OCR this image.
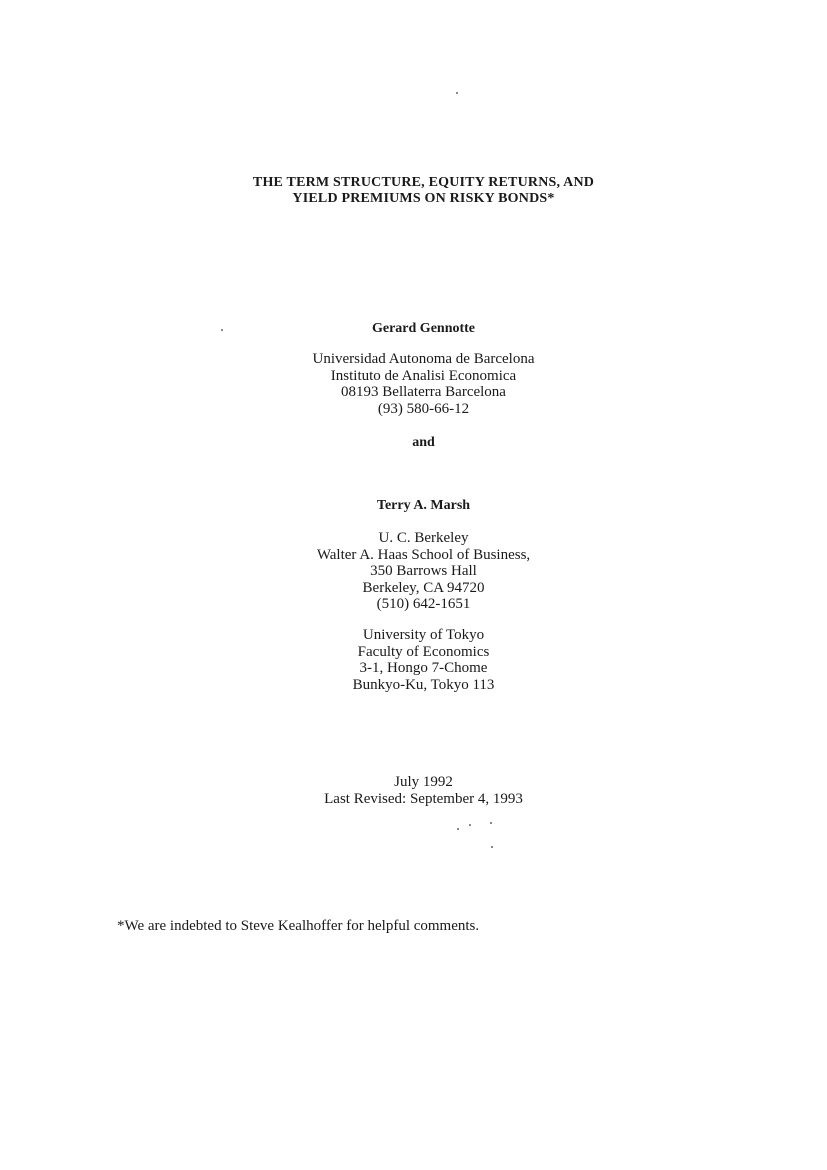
THE TERM STRUCTURE, EQUITY RETURNS, AND
YIELD PREMIUMS ON RISKY BONDS*
Gerard Gennotte
Universidad Autonoma de Barcelona
Instituto de Analisi Economica
08193 Bellaterra Barcelona
(93) 580-66-12
and
Terry A. Marsh
U. C. Berkeley
Walter A. Haas School of Business,
350 Barrows Hall
Berkeley, CA 94720
(510) 642-1651
University of Tokyo
Faculty of Economics
3-1, Hongo 7-Chome
Bunkyo-Ku, Tokyo 113
July 1992
Last Revised: September 4, 1993
*We are indebted to Steve Kealhoffer for helpful comments.
